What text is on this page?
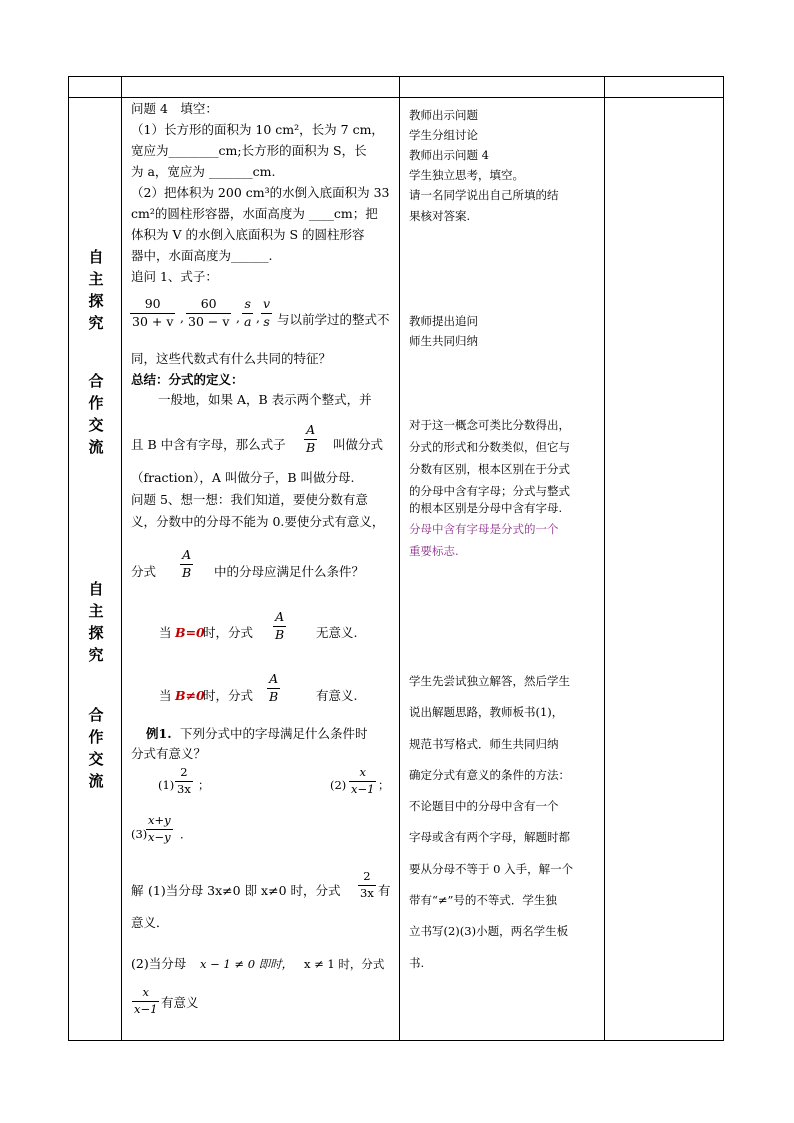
自
主
探
究
合
作
交
流
自
主
探
究
合
作
交
流
问题 4　填空：
（1）长方形的面积为 10 cm²，长为 7 cm，
宽应为________cm;长方形的面积为 S，长
为 a，宽应为 _______cm.
（2）把体积为 200 cm³的水倒入底面积为 33
cm²的圆柱形容器，水面高度为 ____cm；把
体积为 V 的水倒入底面积为 S 的圆柱形容
器中，水面高度为______.
追问 1、式子：
$\frac{90}{30 + v}$ , $\frac{60}{30 - v}$ , $\frac{s}{a}$ , $\frac{v}{s}$ 与以前学过的整式不
同，这些代数式有什么共同的特征？
总结：分式的定义：
一般地，如果 A，B 表示两个整式，并
且 B 中含有字母，那么式子 $\frac{A}{B}$ 叫做分式
（fraction），A 叫做分子，B 叫做分母.
问题 5、想一想：我们知道，要使分数有意
义，分数中的分母不能为 0.要使分式有意义，
分式 $\frac{A}{B}$ 中的分母应满足什么条件？
当 B=0
时，分式 $\frac{A}{B}$ 无意义.
当 B≠0
时，分式 $\frac{A}{B}$	有意义.
例1. 下列分式中的字母满足什么条件时
分式有意义？
$(1) \frac{2}{3x}$ ；	$(2) \frac{x}{x-1}$ ；
(3)
$\frac{x+y}{x-y}$ ．
解 (1)当分母 3x≠0 即 x≠0 时，分式 $\frac{2}{3x}$ 有
意义．
(2)当分母 x − 1 ≠ 0 即时， x ≠ 1 时，分式
$\frac{x}{x-1}$ 有意义
教师出示问题
学生分组讨论
教师出示问题 4
学生独立思考，填空。
请一名同学说出自己所填的结
果核对答案.
教师提出追问
师生共同归纳
对于这一概念可类比分数得出，
分式的形式和分数类似，但它与
分数有区别，根本区别在于分式
的分母中含有字母；分式与整式
的根本区别是分母中含有字母.
分母中含有字母是分式的一个
重要标志.
学生先尝试独立解答，然后学生
说出解题思路，教师板书(1)，
规范书写格式．师生共同归纳
确定分式有意义的条件的方法：
不论题目中的分母中含有一个
字母或含有两个字母，解题时都
要从分母不等于 0 入手，解一个
带有“≠”号的不等式．学生独
立书写(2)(3)小题，两名学生板
书.
